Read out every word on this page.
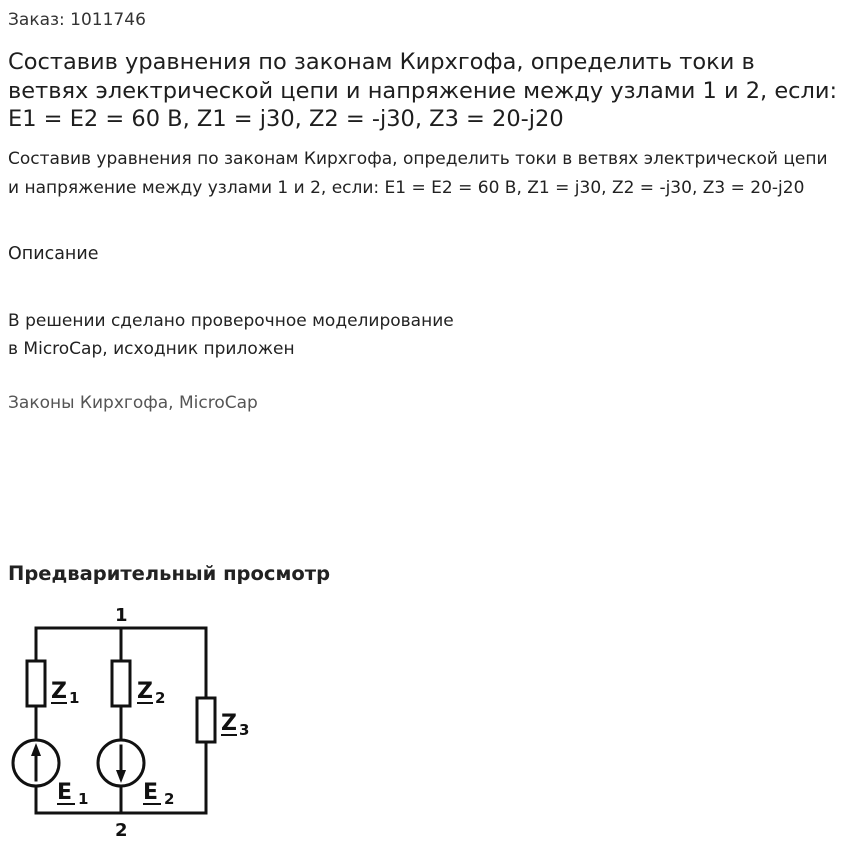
Заказ: 1011746
Составив уравнения по законам Кирхгофа, определить токи в ветвях электрической цепи и напряжение между узлами 1 и 2, если: E1 = E2 = 60 В, Z1 = j30, Z2 = -j30, Z3 = 20-j20

Составив уравнения по законам Кирхгофа, определить токи в ветвях электрической цепи и напряжение между узлами 1 и 2, если: E1 = E2 = 60 В, Z1 = j30, Z2 = -j30, Z3 = 20-j20

Описание
В решении сделано проверочное моделирование
в MicroCap, исходник приложен
Законы Кирхгофа, MicroCap
Предварительный просмотр
1
2
Z 1	Z 2
Z 3
E 1 E 2
